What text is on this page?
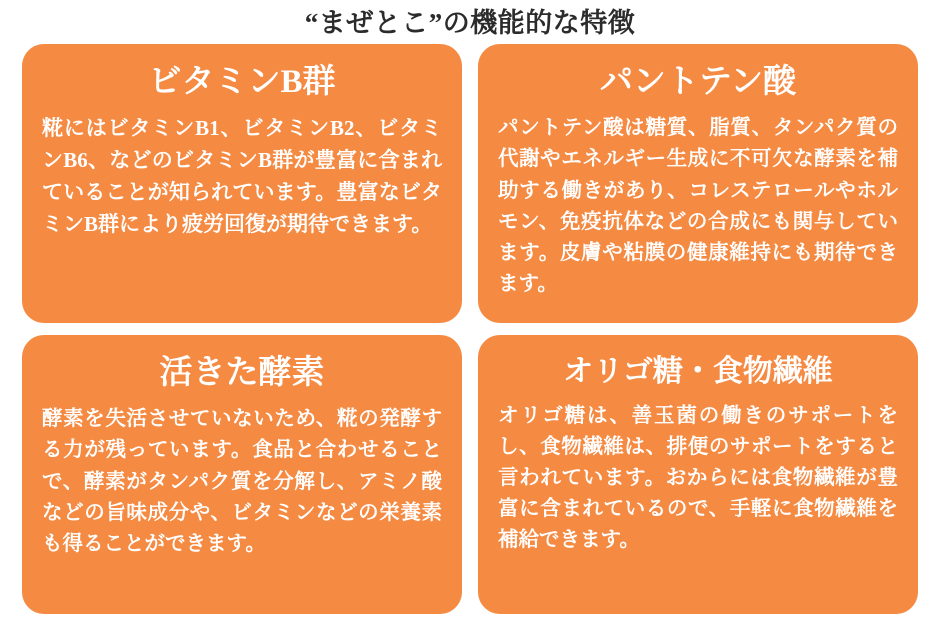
“まぜとこ”の機能的な特徴
ビタミンB群
糀にはビタミンB1、ビタミンB2、ビタミンB6、などのビタミンB群が豊富に含まれていることが知られています。豊富なビタミンB群により疲労回復が期待できます。
パントテン酸
パントテン酸は糖質、脂質、タンパク質の代謝やエネルギー生成に不可欠な酵素を補助する働きがあり、コレステロールやホルモン、免疫抗体などの合成にも関与しています。皮膚や粘膜の健康維持にも期待できます。
活きた酵素
酵素を失活させていないため、糀の発酵する力が残っています。食品と合わせることで、酵素がタンパク質を分解し、アミノ酸などの旨味成分や、ビタミンなどの栄養素も得ることができます。
オリゴ糖・食物繊維
オリゴ糖は、善玉菌の働きのサポートをし、食物繊維は、排便のサポートをすると言われています。おからには食物繊維が豊富に含まれているので、手軽に食物繊維を補給できます。
